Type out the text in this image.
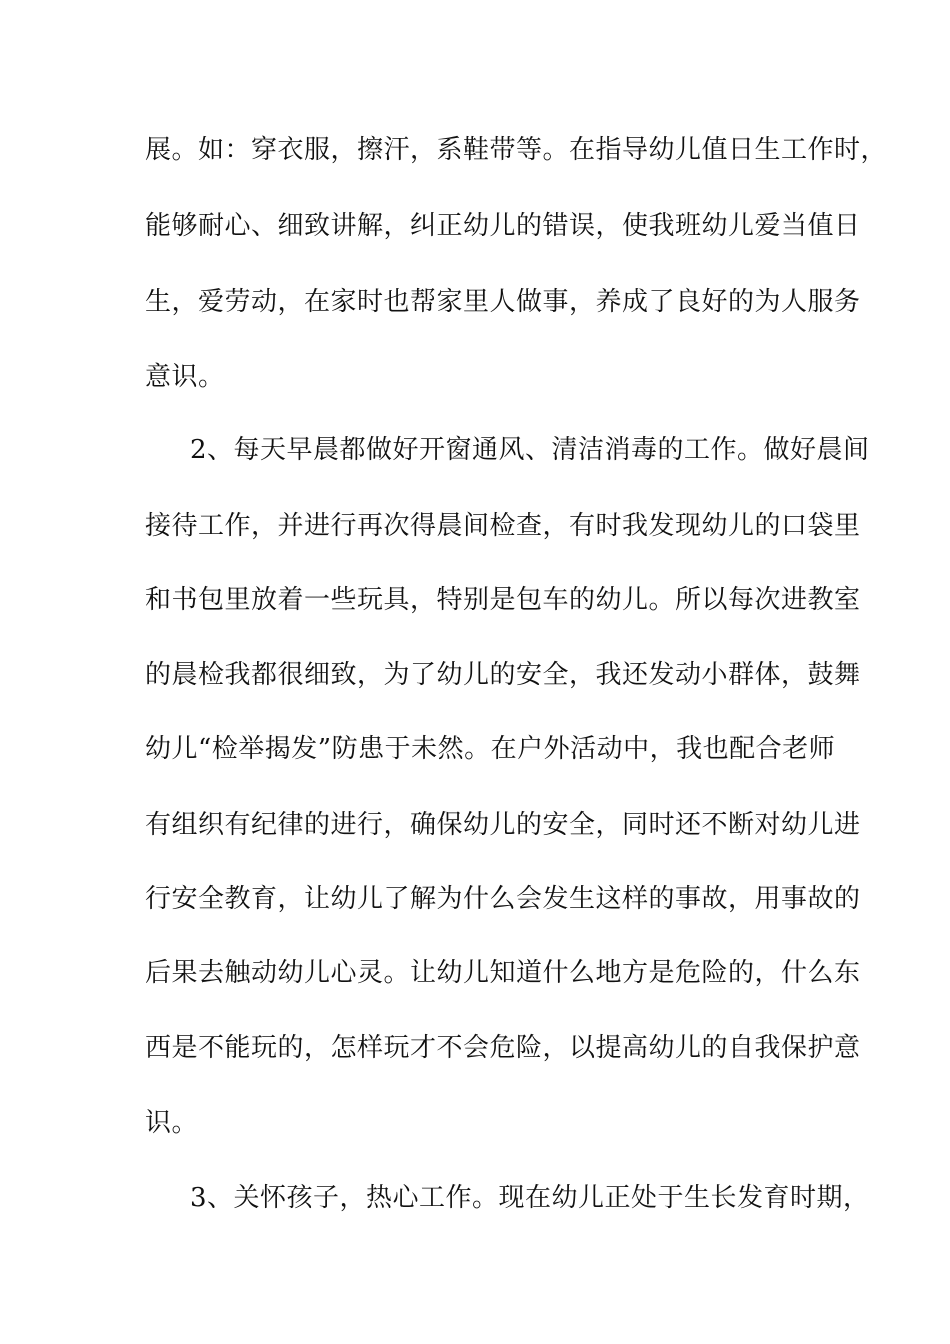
展。如：穿衣服，擦汗，系鞋带等。在指导幼儿值日生工作时，
能够耐心、细致讲解，纠正幼儿的错误，使我班幼儿爱当值日
生，爱劳动，在家时也帮家里人做事，养成了良好的为人服务
意识。
2、每天早晨都做好开窗通风、清洁消毒的工作。做好晨间
接待工作，并进行再次得晨间检查，有时我发现幼儿的口袋里
和书包里放着一些玩具，特别是包车的幼儿。所以每次进教室
的晨检我都很细致，为了幼儿的安全，我还发动小群体，鼓舞
幼儿“检举揭发”防患于未然。在户外活动中，我也配合老师
有组织有纪律的进行，确保幼儿的安全，同时还不断对幼儿进
行安全教育，让幼儿了解为什么会发生这样的事故，用事故的
后果去触动幼儿心灵。让幼儿知道什么地方是危险的，什么东
西是不能玩的，怎样玩才不会危险，以提高幼儿的自我保护意
识。
3、关怀孩子，热心工作。现在幼儿正处于生长发育时期，
